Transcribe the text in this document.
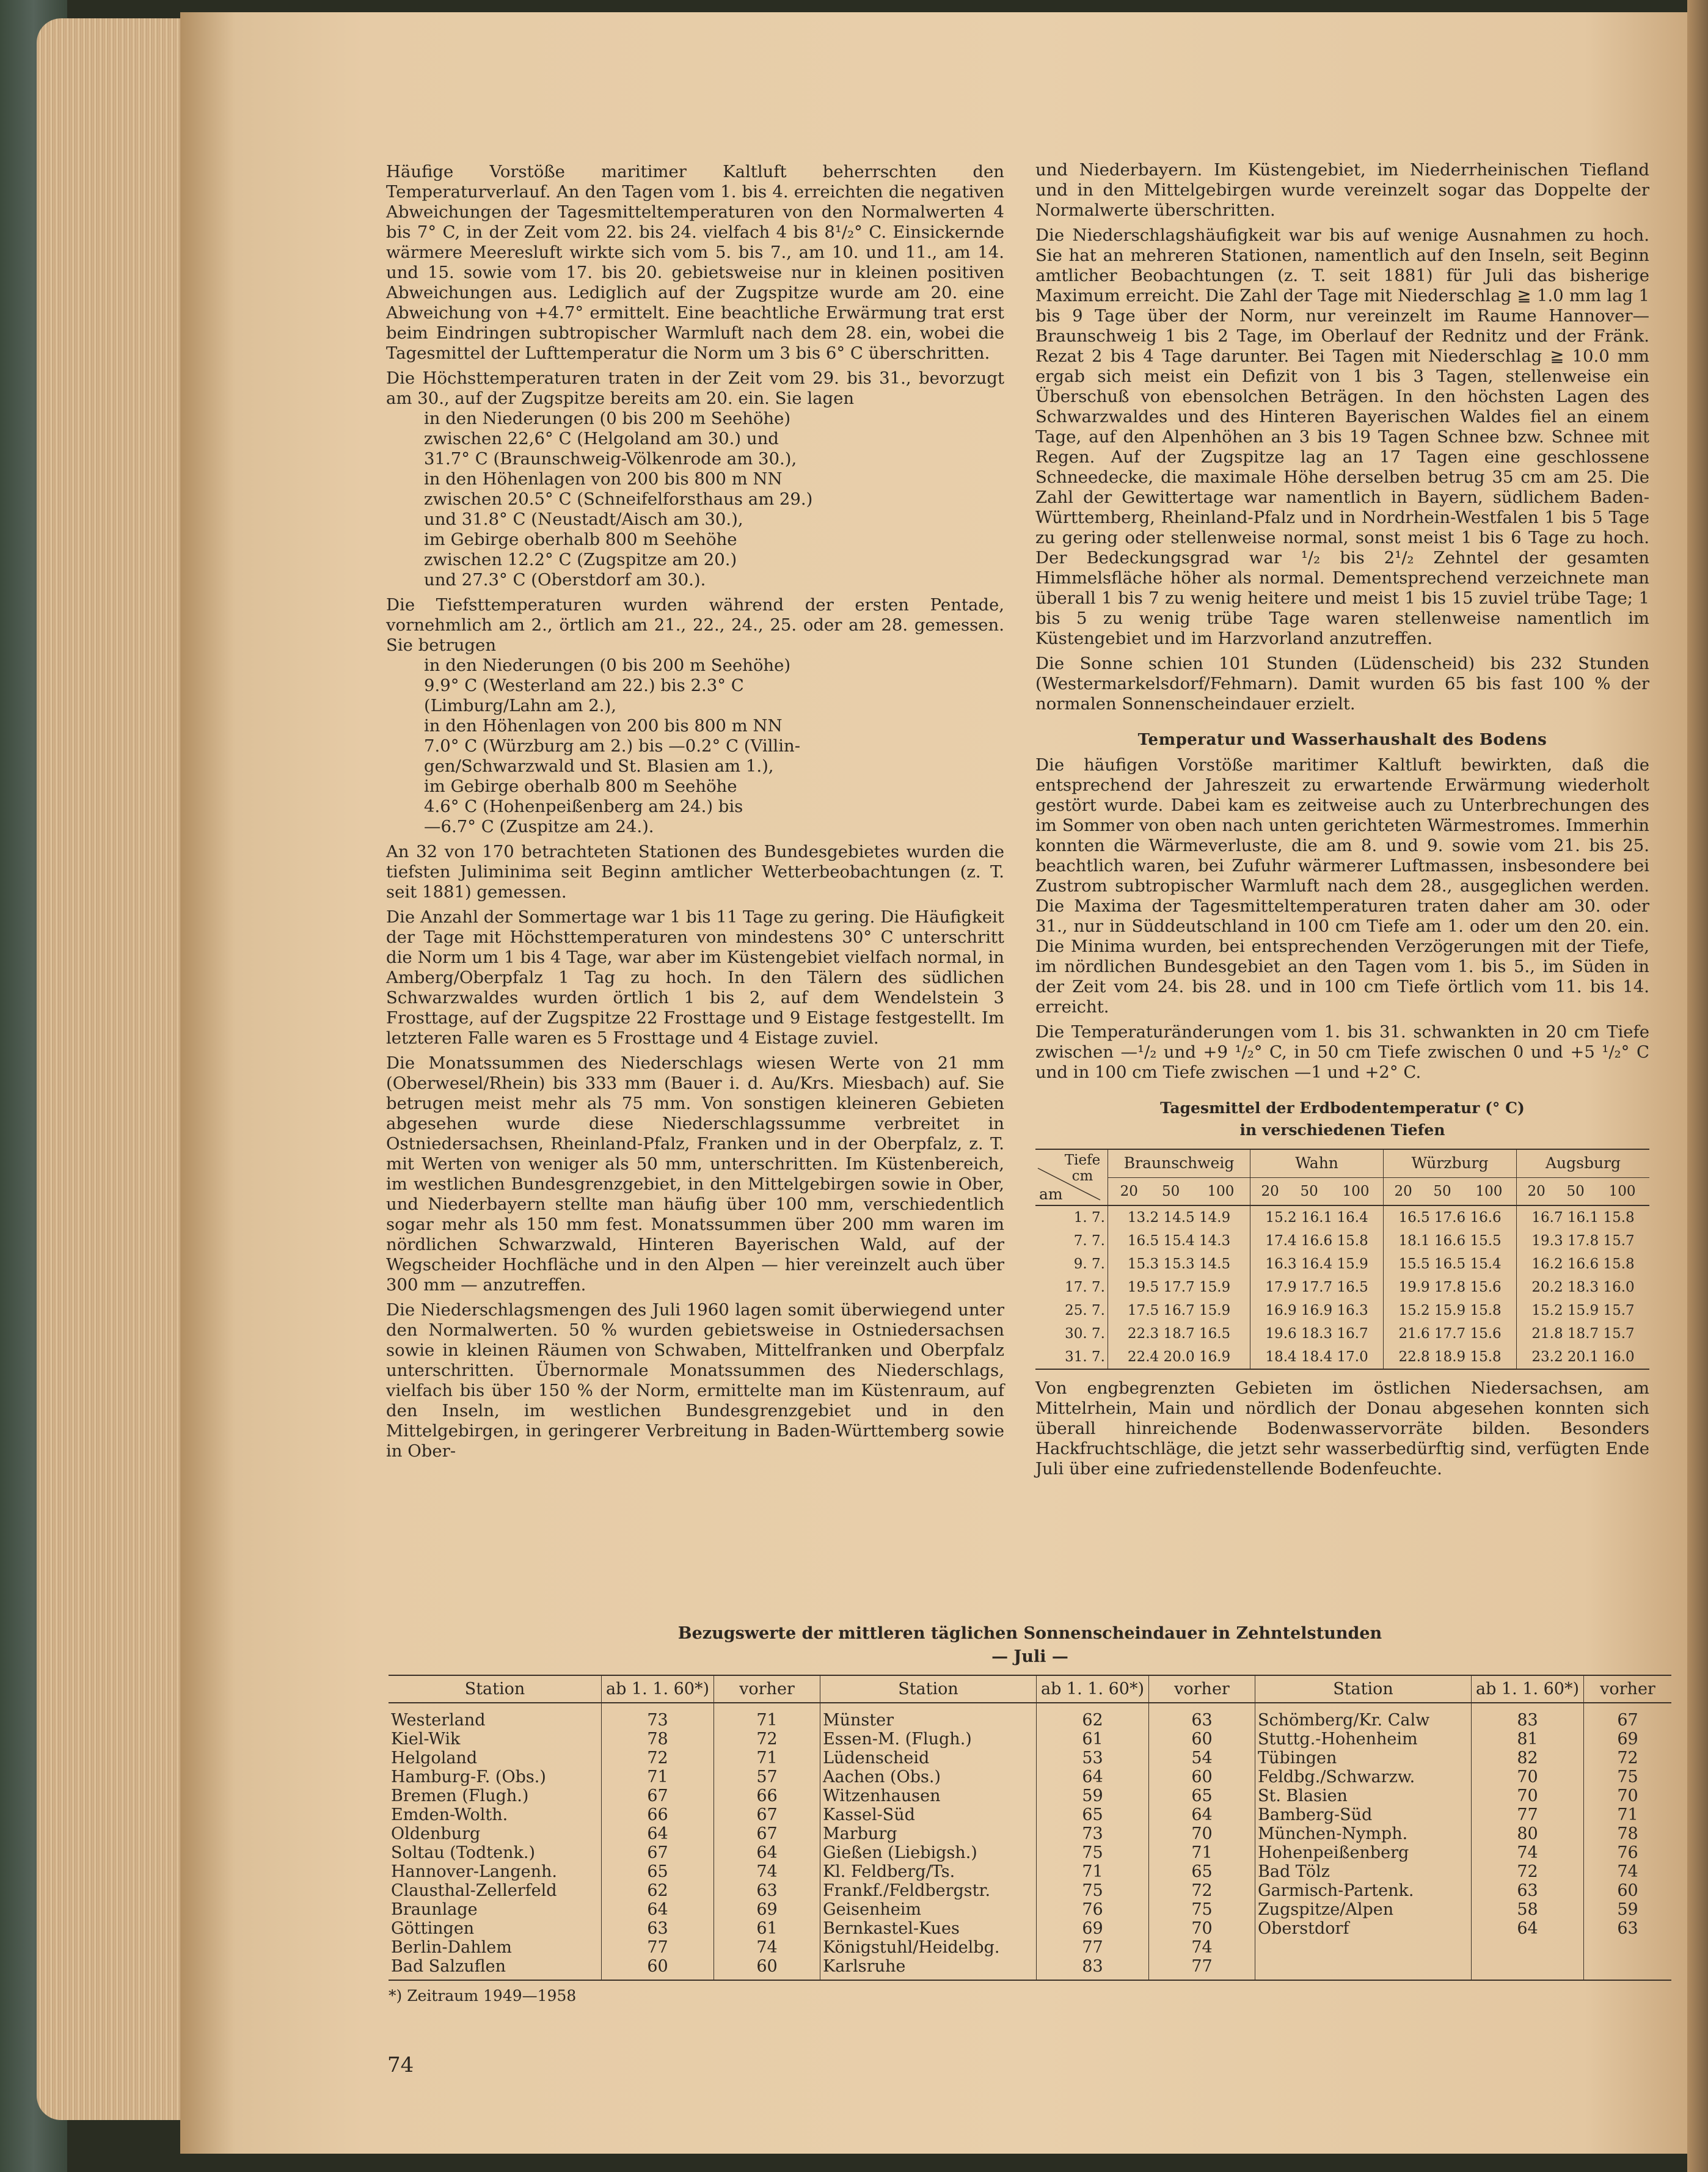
Häufige Vorstöße maritimer Kaltluft beherrschten den Temperaturverlauf. An den Tagen vom 1. bis 4. erreichten die negativen Abweichungen der Tagesmitteltemperaturen von den Normalwerten 4 bis 7° C, in der Zeit vom 22. bis 24. vielfach 4 bis 8¹/₂° C. Einsickernde wärmere Meeresluft wirkte sich vom 5. bis 7., am 10. und 11., am 14. und 15. sowie vom 17. bis 20. gebietsweise nur in kleinen positiven Abweichungen aus. Lediglich auf der Zugspitze wurde am 20. eine Abweichung von +4.7° ermittelt. Eine beachtliche Erwärmung trat erst beim Eindringen subtropischer Warmluft nach dem 28. ein, wobei die Tagesmittel der Lufttemperatur die Norm um 3 bis 6° C überschritten.

Die Höchsttemperaturen traten in der Zeit vom 29. bis 31., bevorzugt am 30., auf der Zugspitze bereits am 20. ein. Sie lagen

in den Niederungen (0 bis 200 m Seehöhe)
zwischen 22,6° C (Helgoland am 30.) und
31.7° C (Braunschweig-Völkenrode am 30.),
in den Höhenlagen von 200 bis 800 m NN
zwischen 20.5° C (Schneifelforsthaus am 29.)
und 31.8° C (Neustadt/Aisch am 30.),
im Gebirge oberhalb 800 m Seehöhe
zwischen 12.2° C (Zugspitze am 20.)
und 27.3° C (Oberstdorf am 30.).

Die Tiefsttemperaturen wurden während der ersten Pentade, vornehmlich am 2., örtlich am 21., 22., 24., 25. oder am 28. gemessen. Sie betrugen

in den Niederungen (0 bis 200 m Seehöhe)
9.9° C (Westerland am 22.) bis 2.3° C
(Limburg/Lahn am 2.),
in den Höhenlagen von 200 bis 800 m NN
7.0° C (Würzburg am 2.) bis —0.2° C (Villin-
gen/Schwarzwald und St. Blasien am 1.),
im Gebirge oberhalb 800 m Seehöhe
4.6° C (Hohenpeißenberg am 24.) bis
—6.7° C (Zuspitze am 24.).

An 32 von 170 betrachteten Stationen des Bundesgebietes wurden die tiefsten Juliminima seit Beginn amtlicher Wetterbeobachtungen (z. T. seit 1881) gemessen.

Die Anzahl der Sommertage war 1 bis 11 Tage zu gering. Die Häufigkeit der Tage mit Höchsttemperaturen von mindestens 30° C unterschritt die Norm um 1 bis 4 Tage, war aber im Küstengebiet vielfach normal, in Amberg/Oberpfalz 1 Tag zu hoch. In den Tälern des südlichen Schwarzwaldes wurden örtlich 1 bis 2, auf dem Wendelstein 3 Frosttage, auf der Zugspitze 22 Frosttage und 9 Eistage festgestellt. Im letzteren Falle waren es 5 Frosttage und 4 Eistage zuviel.

Die Monatssummen des Niederschlags wiesen Werte von 21 mm (Oberwesel/Rhein) bis 333 mm (Bauer i. d. Au/Krs. Miesbach) auf. Sie betrugen meist mehr als 75 mm. Von sonstigen kleineren Gebieten abgesehen wurde diese Niederschlagssumme verbreitet in Ostniedersachsen, Rheinland-Pfalz, Franken und in der Oberpfalz, z. T. mit Werten von weniger als 50 mm, unterschritten. Im Küstenbereich, im westlichen Bundesgrenzgebiet, in den Mittelgebirgen sowie in Ober, und Niederbayern stellte man häufig über 100 mm, verschiedentlich sogar mehr als 150 mm fest. Monatssummen über 200 mm waren im nördlichen Schwarzwald, Hinteren Bayerischen Wald, auf der Wegscheider Hochfläche und in den Alpen — hier vereinzelt auch über 300 mm — anzutreffen.

Die Niederschlagsmengen des Juli 1960 lagen somit überwiegend unter den Normalwerten. 50 % wurden gebietsweise in Ostniedersachsen sowie in kleinen Räumen von Schwaben, Mittelfranken und Oberpfalz unterschritten. Übernormale Monatssummen des Niederschlags, vielfach bis über 150 % der Norm, ermittelte man im Küstenraum, auf den Inseln, im westlichen Bundesgrenzgebiet und in den Mittelgebirgen, in geringerer Verbreitung in Baden-Württemberg sowie in Ober-

und Niederbayern. Im Küstengebiet, im Niederrheinischen Tiefland und in den Mittelgebirgen wurde vereinzelt sogar das Doppelte der Normalwerte überschritten.

Die Niederschlagshäufigkeit war bis auf wenige Ausnahmen zu hoch. Sie hat an mehreren Stationen, namentlich auf den Inseln, seit Beginn amtlicher Beobachtungen (z. T. seit 1881) für Juli das bisherige Maximum erreicht. Die Zahl der Tage mit Niederschlag ≧ 1.0 mm lag 1 bis 9 Tage über der Norm, nur vereinzelt im Raume Hannover—Braunschweig 1 bis 2 Tage, im Oberlauf der Rednitz und der Fränk. Rezat 2 bis 4 Tage darunter. Bei Tagen mit Niederschlag ≧ 10.0 mm ergab sich meist ein Defizit von 1 bis 3 Tagen, stellenweise ein Überschuß von ebensolchen Beträgen. In den höchsten Lagen des Schwarzwaldes und des Hinteren Bayerischen Waldes fiel an einem Tage, auf den Alpenhöhen an 3 bis 19 Tagen Schnee bzw. Schnee mit Regen. Auf der Zugspitze lag an 17 Tagen eine geschlossene Schneedecke, die maximale Höhe derselben betrug 35 cm am 25. Die Zahl der Gewittertage war namentlich in Bayern, südlichem Baden-Württemberg, Rheinland-Pfalz und in Nordrhein-Westfalen 1 bis 5 Tage zu gering oder stellenweise normal, sonst meist 1 bis 6 Tage zu hoch. Der Bedeckungsgrad war ¹/₂ bis 2¹/₂ Zehntel der gesamten Himmelsfläche höher als normal. Dementsprechend verzeichnete man überall 1 bis 7 zu wenig heitere und meist 1 bis 15 zuviel trübe Tage; 1 bis 5 zu wenig trübe Tage waren stellenweise namentlich im Küstengebiet und im Harzvorland anzutreffen.

Die Sonne schien 101 Stunden (Lüdenscheid) bis 232 Stunden (Westermarkelsdorf/Fehmarn). Damit wurden 65 bis fast 100 % der normalen Sonnenscheindauer erzielt.

Temperatur und Wasserhaushalt des Bodens

Die häufigen Vorstöße maritimer Kaltluft bewirkten, daß die entsprechend der Jahreszeit zu erwartende Erwärmung wiederholt gestört wurde. Dabei kam es zeitweise auch zu Unterbrechungen des im Sommer von oben nach unten gerichteten Wärmestromes. Immerhin konnten die Wärmeverluste, die am 8. und 9. sowie vom 21. bis 25. beachtlich waren, bei Zufuhr wärmerer Luftmassen, insbesondere bei Zustrom subtropischer Warmluft nach dem 28., ausgeglichen werden. Die Maxima der Tagesmitteltemperaturen traten daher am 30. oder 31., nur in Süddeutschland in 100 cm Tiefe am 1. oder um den 20. ein. Die Minima wurden, bei entsprechenden Verzögerungen mit der Tiefe, im nördlichen Bundesgebiet an den Tagen vom 1. bis 5., im Süden in der Zeit vom 24. bis 28. und in 100 cm Tiefe örtlich vom 11. bis 14. erreicht.

Die Temperaturänderungen vom 1. bis 31. schwankten in 20 cm Tiefe zwischen —¹/₂ und +9 ¹/₂° C, in 50 cm Tiefe zwischen 0 und +5 ¹/₂° C und in 100 cm Tiefe zwischen —1 und +2° C.

Tagesmittel der Erdbodentemperatur (° C)
in verschiedenen Tiefen
Tiefe cm
am	Braunschweig			Wahn			Würzburg			Augsburg		
	20	50	100	20	50	100	20	50	100	20	50	100
1. 7.	13.2 14.5 14.9			15.2 16.1 16.4			16.5 17.6 16.6			16.7 16.1 15.8		
7. 7.	16.5 15.4 14.3			17.4 16.6 15.8			18.1 16.6 15.5			19.3 17.8 15.7		
9. 7.	15.3 15.3 14.5			16.3 16.4 15.9			15.5 16.5 15.4			16.2 16.6 15.8		
17. 7.	19.5 17.7 15.9			17.9 17.7 16.5			19.9 17.8 15.6			20.2 18.3 16.0		
25. 7.	17.5 16.7 15.9			16.9 16.9 16.3			15.2 15.9 15.8			15.2 15.9 15.7		
30. 7.	22.3 18.7 16.5			19.6 18.3 16.7			21.6 17.7 15.6			21.8 18.7 15.7		
31. 7.	22.4 20.0 16.9			18.4 18.4 17.0			22.8 18.9 15.8			23.2 20.1 16.0		

Von engbegrenzten Gebieten im östlichen Niedersachsen, am Mittelrhein, Main und nördlich der Donau abgesehen konnten sich überall hinreichende Bodenwasservorräte bilden. Besonders Hackfruchtschläge, die jetzt sehr wasserbedürftig sind, verfügten Ende Juli über eine zufriedenstellende Bodenfeuchte.

Bezugswerte der mittleren täglichen Sonnenscheindauer in Zehntelstunden
— Juli —
Station	ab 1. 1. 60*)	vorher	Station	ab 1. 1. 60*)	vorher	Station	ab 1. 1. 60*)	vorher
Westerland	73	71	Münster	62	63	Schömberg/Kr. Calw	83	67
Kiel-Wik	78	72	Essen-M. (Flugh.)	61	60	Stuttg.-Hohenheim	81	69
Helgoland	72	71	Lüdenscheid	53	54	Tübingen	82	72
Hamburg-F. (Obs.)	71	57	Aachen (Obs.)	64	60	Feldbg./Schwarzw.	70	75
Bremen (Flugh.)	67	66	Witzenhausen	59	65	St. Blasien	70	70
Emden-Wolth.	66	67	Kassel-Süd	65	64	Bamberg-Süd	77	71
Oldenburg	64	67	Marburg	73	70	München-Nymph.	80	78
Soltau (Todtenk.)	67	64	Gießen (Liebigsh.)	75	71	Hohenpeißenberg	74	76
Hannover-Langenh.	65	74	Kl. Feldberg/Ts.	71	65	Bad Tölz	72	74
Clausthal-Zellerfeld	62	63	Frankf./Feldbergstr.	75	72	Garmisch-Partenk.	63	60
Braunlage	64	69	Geisenheim	76	75	Zugspitze/Alpen	58	59
Göttingen	63	61	Bernkastel-Kues	69	70	Oberstdorf	64	63
Berlin-Dahlem	77	74	Königstuhl/Heidelbg.	77	74			
Bad Salzuflen	60	60	Karlsruhe	83	77			
*) Zeitraum 1949—1958
74
